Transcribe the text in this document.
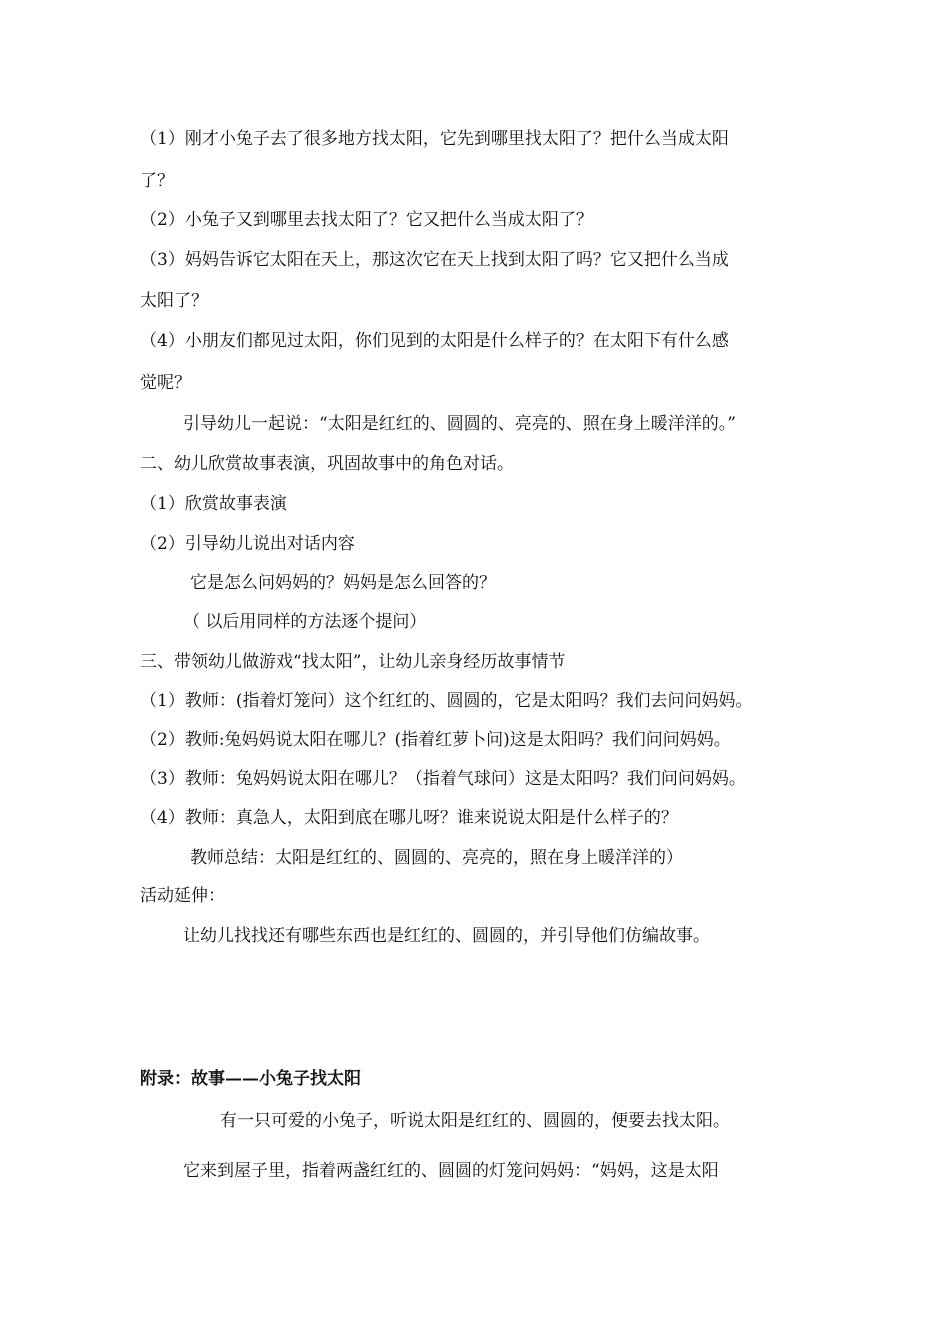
（1）刚才小兔子去了很多地方找太阳，它先到哪里找太阳了？把什么当成太阳
了？
（2）小兔子又到哪里去找太阳了？它又把什么当成太阳了？
（3）妈妈告诉它太阳在天上，那这次它在天上找到太阳了吗？它又把什么当成
太阳了？
（4）小朋友们都见过太阳，你们见到的太阳是什么样子的？在太阳下有什么感
觉呢？
引导幼儿一起说：“太阳是红红的、圆圆的、亮亮的、照在身上暖洋洋的。”
二、幼儿欣赏故事表演，巩固故事中的角色对话。
（1）欣赏故事表演
（2）引导幼儿说出对话内容
它是怎么问妈妈的？妈妈是怎么回答的？
（ 以后用同样的方法逐个提问）
三、带领幼儿做游戏“找太阳”，让幼儿亲身经历故事情节
（1）教师：(指着灯笼问）这个红红的、圆圆的，它是太阳吗？我们去问问妈妈。
（2）教师:兔妈妈说太阳在哪儿？(指着红萝卜问)这是太阳吗？我们问问妈妈。
（3）教师：兔妈妈说太阳在哪儿？（指着气球问）这是太阳吗？我们问问妈妈。
（4）教师：真急人，太阳到底在哪儿呀？谁来说说太阳是什么样子的？
教师总结：太阳是红红的、圆圆的、亮亮的，照在身上暖洋洋的）
活动延伸：
让幼儿找找还有哪些东西也是红红的、圆圆的，并引导他们仿编故事。
附录：故事——小兔子找太阳
有一只可爱的小兔子，听说太阳是红红的、圆圆的，便要去找太阳。
它来到屋子里，指着两盏红红的、圆圆的灯笼问妈妈：“妈妈，这是太阳
